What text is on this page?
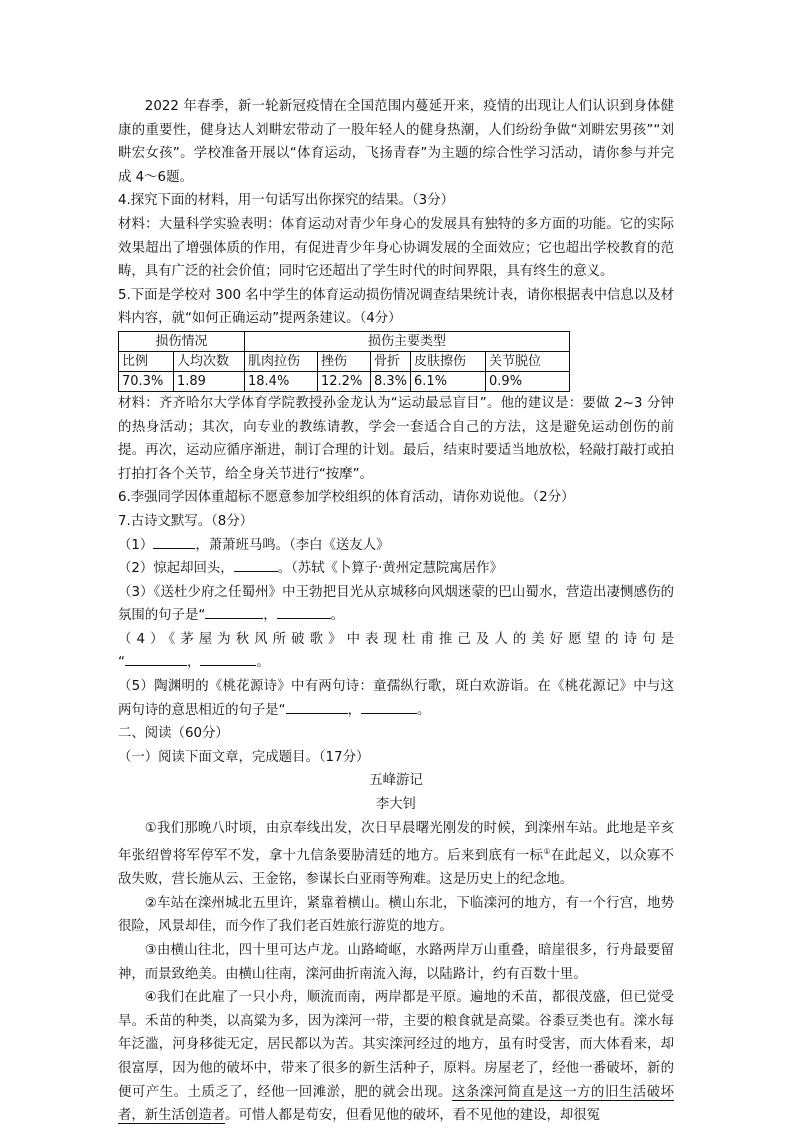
2022 年春季，新一轮新冠疫情在全国范围内蔓延开来，疫情的出现让人们认识到身体健康的重要性，健身达人刘畊宏带动了一股年轻人的健身热潮，人们纷纷争做“刘畊宏男孩”“刘畊宏女孩”。学校准备开展以“体育运动，飞扬青春”为主题的综合性学习活动，请你参与并完成 4～6题。

4.探究下面的材料，用一句话写出你探究的结果。（3分）

材料：大量科学实验表明：体育运动对青少年身心的发展具有独特的多方面的功能。它的实际效果超出了增强体质的作用，有促进青少年身心协调发展的全面效应；它也超出学校教育的范畴，具有广泛的社会价值；同时它还超出了学生时代的时间界限，具有终生的意义。

5.下面是学校对 300 名中学生的体育运动损伤情况调查结果统计表，请你根据表中信息以及材料内容，就“如何正确运动”提两条建议。（4分）

损伤情况		损伤主要类型				
比例	人均次数	肌肉拉伤	挫伤	骨折	皮肤擦伤	关节脱位
70.3%	1.89	18.4%	12.2%	8.3%	6.1%	0.9%

材料：齐齐哈尔大学体育学院教授孙金龙认为“运动最忌盲目”。他的建议是：要做 2~3 分钟的热身活动；其次，向专业的教练请教，学会一套适合自己的方法，这是避免运动创伤的前提。再次，运动应循序渐进，制订合理的计划。最后，结束时要适当地放松，轻敲打敲打或拍打拍打各个关节，给全身关节进行“按摩”。

6.李强同学因体重超标不愿意参加学校组织的体育活动，请你劝说他。（2分）

7.古诗文默写。（8分）

（1）	，萧萧班马鸣。（李白《送友人》

（2）惊起却回头，	。（苏轼《卜算子·黄州定慧院寓居作》

（3）《送杜少府之任蜀州》中王勃把目光从京城移向风烟迷蒙的巴山蜀水，营造出凄恻感伤的氛围的句子是“	，	。

（4）《茅屋为秋风所破歌》中表现杜甫推己及人的美好愿望的诗句是

“	，	。

（5）陶渊明的《桃花源诗》中有两句诗：童孺纵行歌，斑白欢游诣。在《桃花源记》中与这两句诗的意思相近的句子是“	，	。

二、阅读（60分）

（一）阅读下面文章，完成题目。（17分）

五峰游记

李大钊

①我们那晚八时顷，由京奉线出发，次日早晨曙光刚发的时候，到滦州车站。此地是辛亥年张绍曾将军停军不发，拿十九信条要胁清廷的地方。后来到底有一标①在此起义，以众寡不敌失败，营长施从云、王金铭，参谋长白亚雨等殉难。这是历史上的纪念地。

②车站在滦州城北五里许，紧靠着横山。横山东北，下临滦河的地方，有一个行宫，地势很险，风景却佳，而今作了我们老百姓旅行游览的地方。

③由横山往北，四十里可达卢龙。山路崎岖，水路两岸万山重叠，暗崖很多，行舟最要留神，而景致绝美。由横山往南，滦河曲折南流入海，以陆路计，约有百数十里。

④我们在此雇了一只小舟，顺流而南，两岸都是平原。遍地的禾苗，都很茂盛，但已觉受旱。禾苗的种类，以高粱为多，因为滦河一带，主要的粮食就是高粱。谷黍豆类也有。滦水每年泛滥，河身移徙无定，居民都以为苦。其实滦河经过的地方，虽有时受害，而大体看来，却很富厚，因为他的破坏中，带来了很多的新生活种子，原料。房屋老了，经他一番破坏，新的便可产生。土质乏了，经他一回滩淤，肥的就会出现。这条滦河简直是这一方的旧生活破坏者，新生活创造者。可惜人都是苟安，但看见他的破坏，看不见他的建设，却很冤
